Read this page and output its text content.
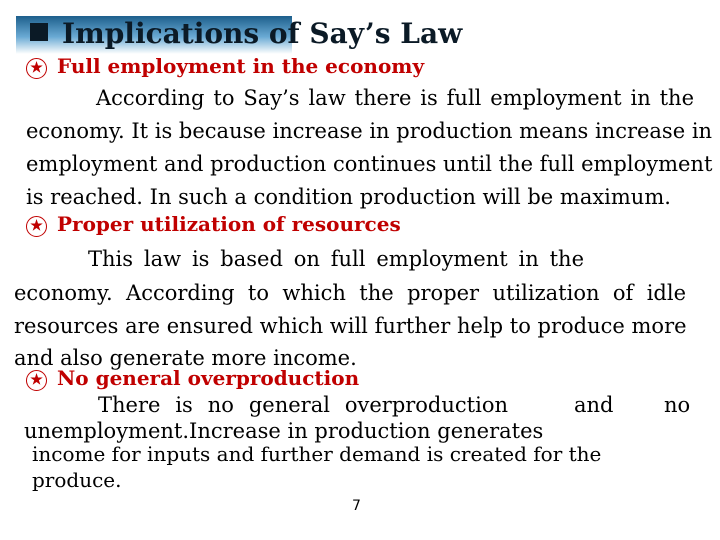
Implications of Say’s Law
★ Full employment in the economy
According to Say’s law there is full employment in the
economy. It is because increase in production means increase in
employment and production continues until the full employment
is reached. In such a condition production will be maximum.
★ Proper utilization of resources
This law is based on full employment in the
economy. According to which the proper utilization of idle
resources are ensured which will further help to produce more
and also generate more income.
★ No general overproduction
There is no general overproduction	and no
unemployment.Increase in production generates
income for inputs and further demand is created for the
produce.
7
